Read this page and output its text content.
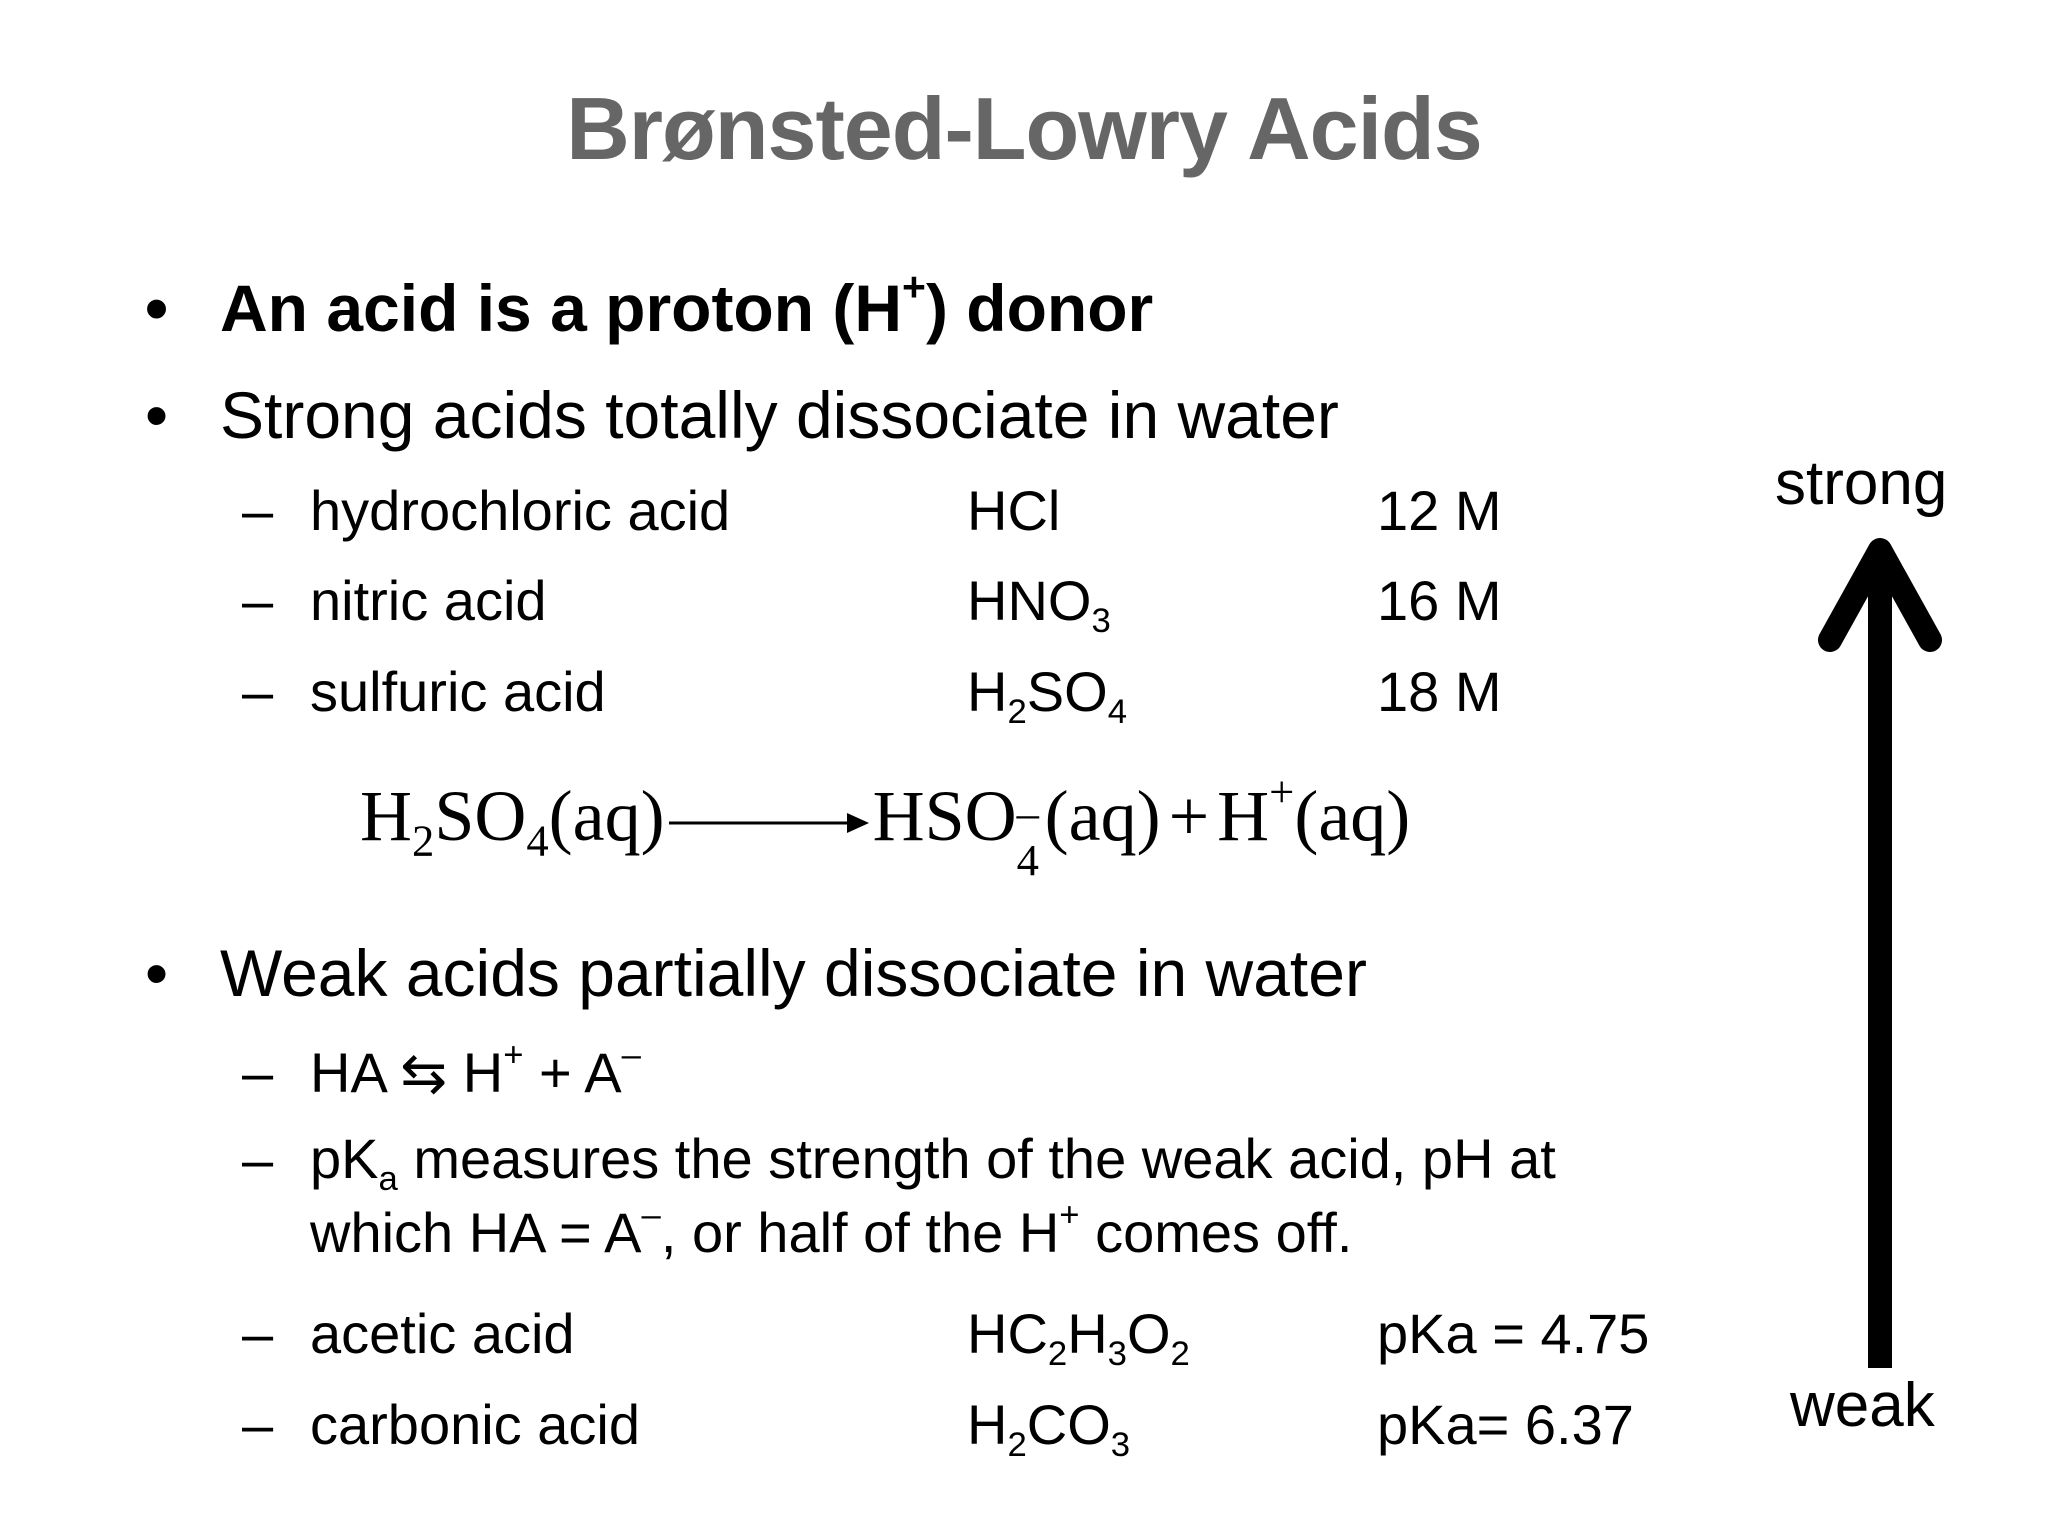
Brønsted-Lowry Acids
• An acid is a proton (H+) donor
• Strong acids totally dissociate in water
– hydrochloric acid	HCl	12 M
– nitric acid	$HNO_3$	16 M
– sulfuric acid	$H_2SO_4$	18 M
$H_2SO_4(aq)$ → HSO –
4
(aq) + H+(aq)
• Weak acids partially dissociate in water
– HA ⇆ H+ + A–
– $pK_a$ measures the strength of the weak acid, pH at
which HA = A–, or half of the H+ comes off.
– acetic acid	$HC_2H_3O_2$	pKa = 4.75
– carbonic acid	$H_2CO_3$	pKa= 6.37
strong
weak
